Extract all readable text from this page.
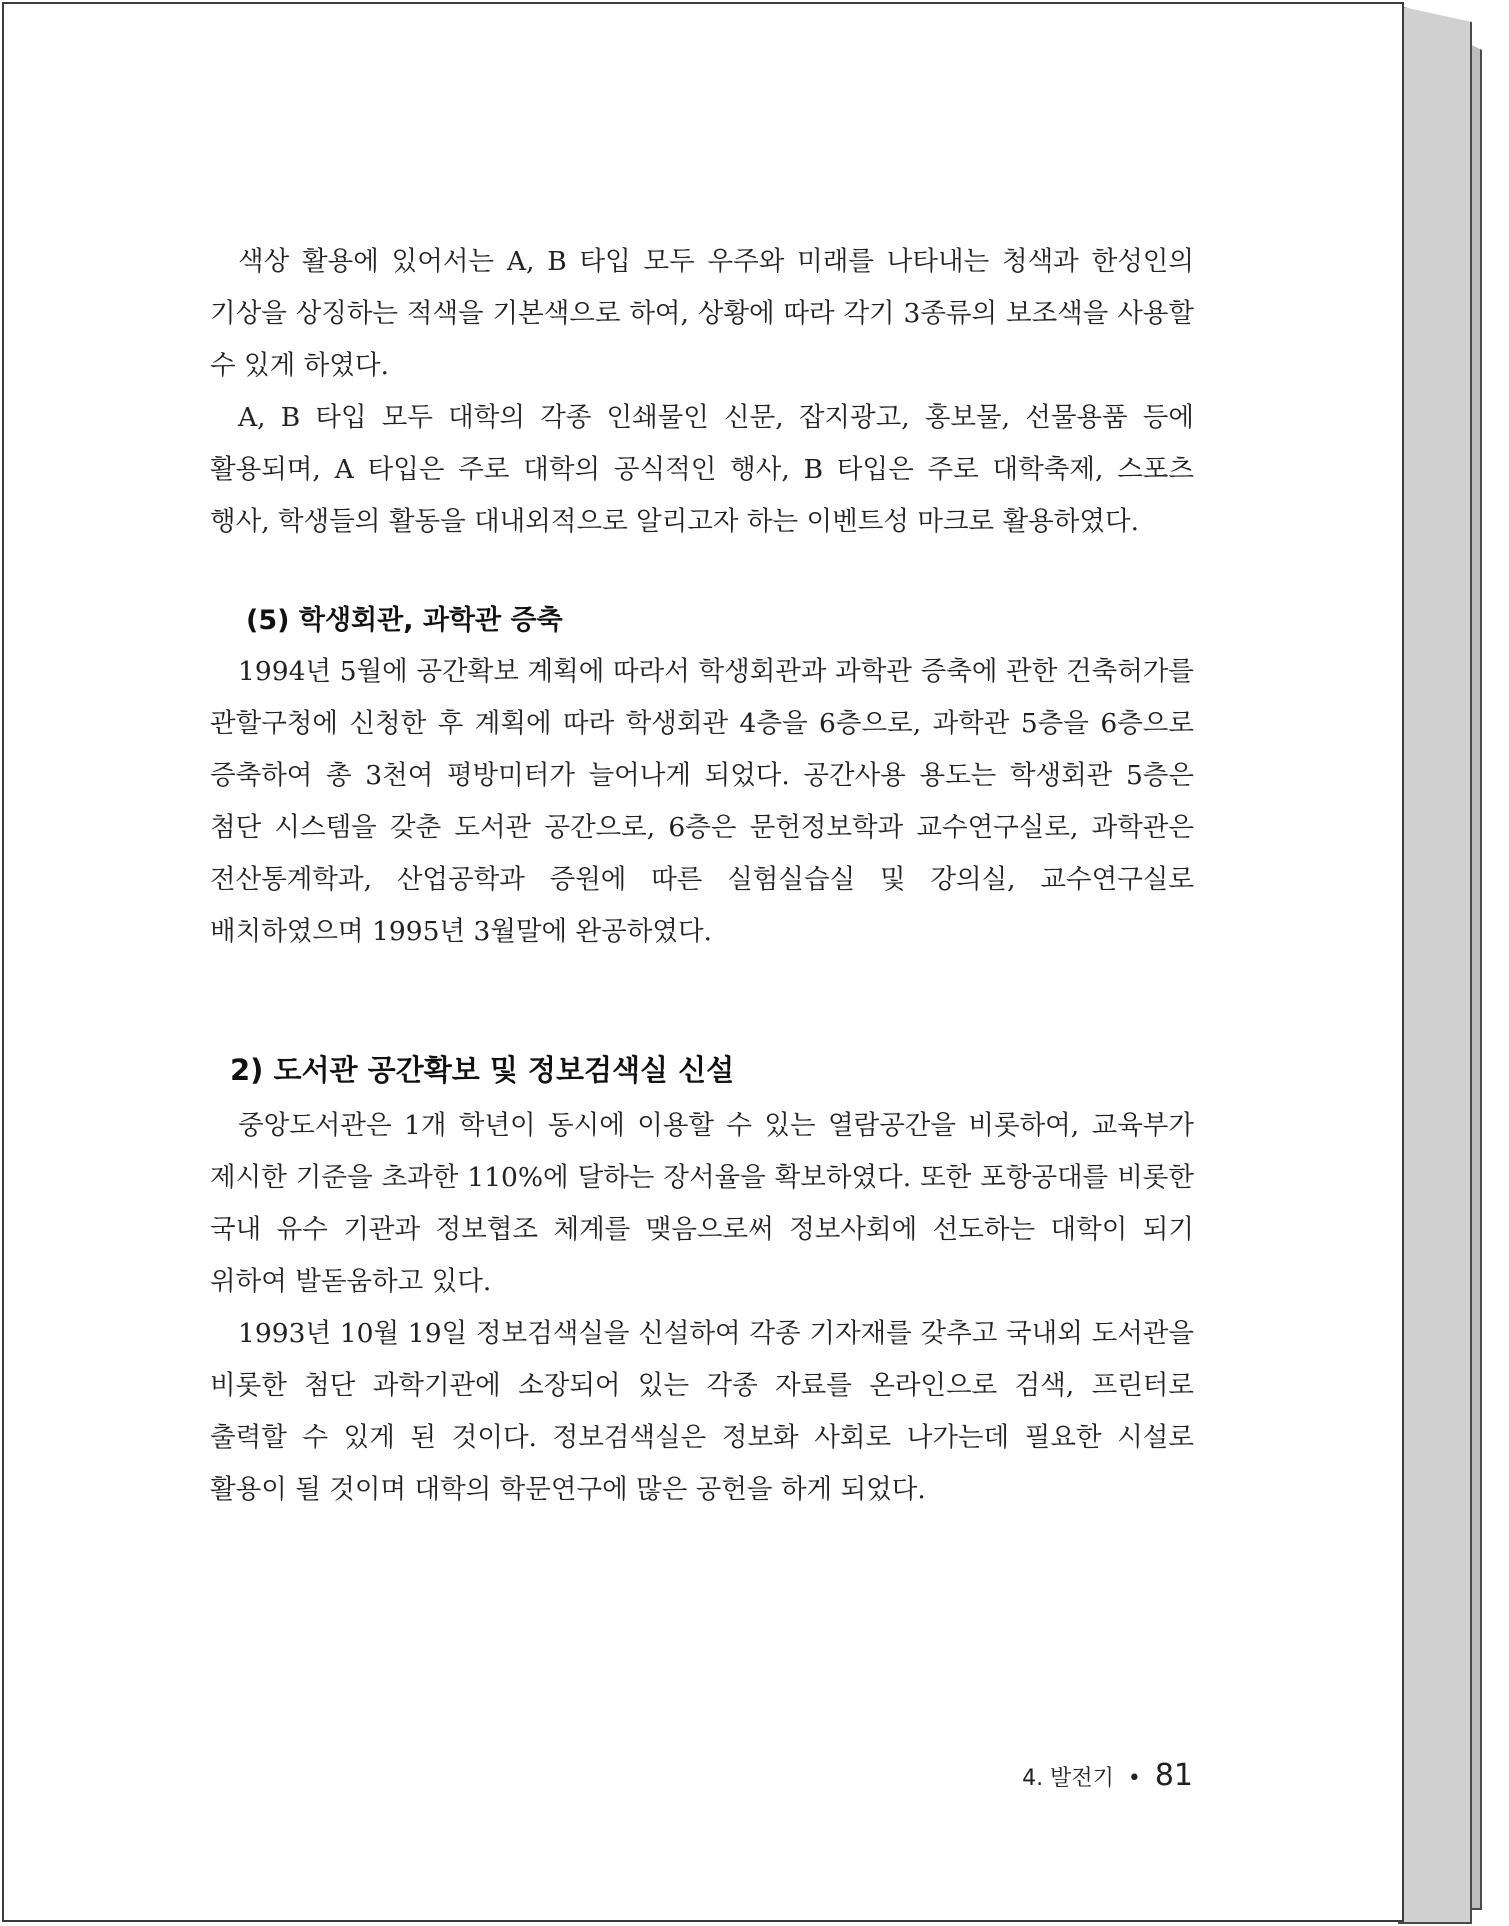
색상 활용에 있어서는 A, B 타입 모두 우주와 미래를 나타내는 청색과 한성인의 기상을 상징하는 적색을 기본색으로 하여, 상황에 따라 각기 3종류의 보조색을 사용할 수 있게 하였다.

A, B 타입 모두 대학의 각종 인쇄물인 신문, 잡지광고, 홍보물, 선물용품 등에 활용되며, A 타입은 주로 대학의 공식적인 행사, B 타입은 주로 대학축제, 스포츠 행사, 학생들의 활동을 대내외적으로 알리고자 하는 이벤트성 마크로 활용하였다.

(5) 학생회관, 과학관 증축

1994년 5월에 공간확보 계획에 따라서 학생회관과 과학관 증축에 관한 건축허가를 관할구청에 신청한 후 계획에 따라 학생회관 4층을 6층으로, 과학관 5층을 6층으로 증축하여 총 3천여 평방미터가 늘어나게 되었다. 공간사용 용도는 학생회관 5층은 첨단 시스템을 갖춘 도서관 공간으로, 6층은 문헌정보학과 교수연구실로, 과학관은 전산통계학과, 산업공학과 증원에 따른 실험실습실 및 강의실, 교수연구실로 배치하였으며 1995년 3월말에 완공하였다.

2) 도서관 공간확보 및 정보검색실 신설

중앙도서관은 1개 학년이 동시에 이용할 수 있는 열람공간을 비롯하여, 교육부가 제시한 기준을 초과한 110%에 달하는 장서율을 확보하였다. 또한 포항공대를 비롯한 국내 유수 기관과 정보협조 체계를 맺음으로써 정보사회에 선도하는 대학이 되기 위하여 발돋움하고 있다.

1993년 10월 19일 정보검색실을 신설하여 각종 기자재를 갖추고 국내외 도서관을 비롯한 첨단 과학기관에 소장되어 있는 각종 자료를 온라인으로 검색, 프린터로 출력할 수 있게 된 것이다. 정보검색실은 정보화 사회로 나가는데 필요한 시설로 활용이 될 것이며 대학의 학문연구에 많은 공헌을 하게 되었다.

4. 발전기 • 81
